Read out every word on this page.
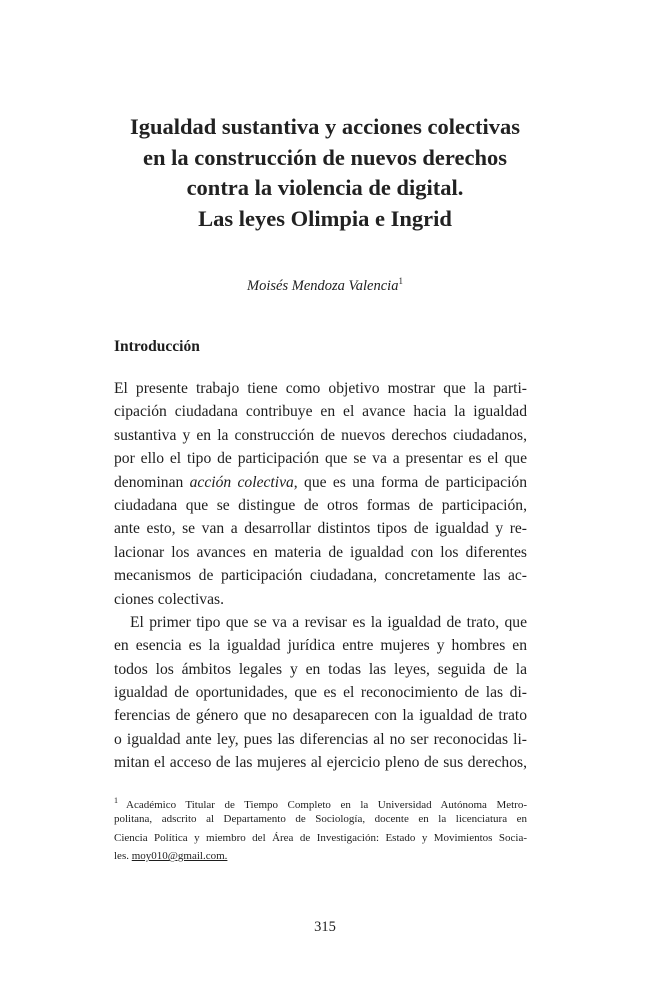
Igualdad sustantiva y acciones colectivas
en la construcción de nuevos derechos
contra la violencia de digital.
Las leyes Olimpia e Ingrid
Moisés Mendoza Valencia$^1$
Introducción
El presente trabajo tiene como objetivo mostrar que la parti-
cipación ciudadana contribuye en el avance hacia la igualdad
sustantiva y en la construcción de nuevos derechos ciudadanos,
por ello el tipo de participación que se va a presentar es el que
denominan acción colectiva, que es una forma de participación
ciudadana que se distingue de otros formas de participación,
ante esto, se van a desarrollar distintos tipos de igualdad y re-
lacionar los avances en materia de igualdad con los diferentes
mecanismos de participación ciudadana, concretamente las ac-
ciones colectivas.
El primer tipo que se va a revisar es la igualdad de trato, que
en esencia es la igualdad jurídica entre mujeres y hombres en
todos los ámbitos legales y en todas las leyes, seguida de la
igualdad de oportunidades, que es el reconocimiento de las di-
ferencias de género que no desaparecen con la igualdad de trato
o igualdad ante ley, pues las diferencias al no ser reconocidas li-
mitan el acceso de las mujeres al ejercicio pleno de sus derechos,
$^1$ Académico Titular de Tiempo Completo en la Universidad Autónoma Metro-
politana, adscrito al Departamento de Sociología, docente en la licenciatura en
Ciencia Política y miembro del Área de Investigación: Estado y Movimientos Socia-
les. moy010@gmail.com.
315
